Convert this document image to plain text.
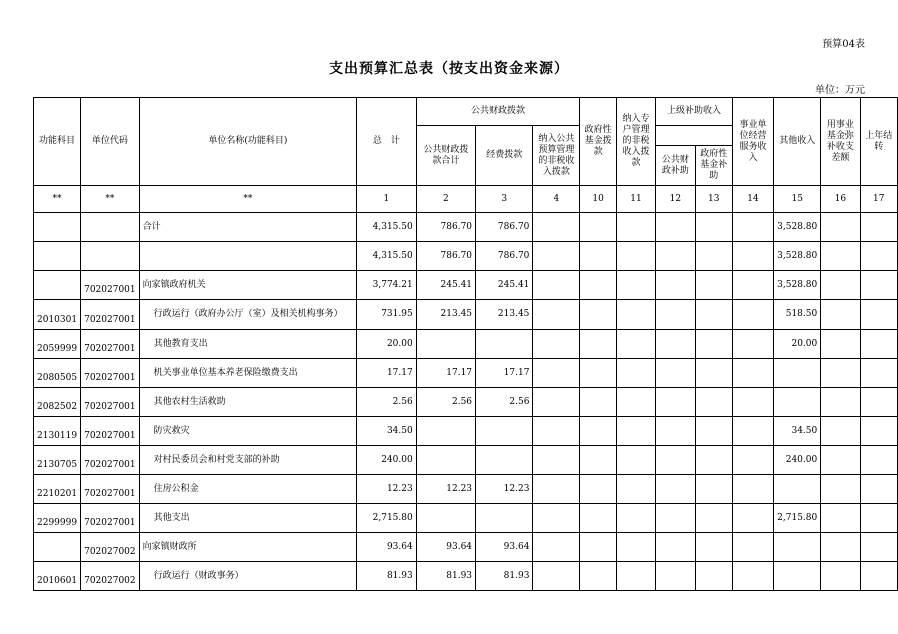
预算04表
支出预算汇总表（按支出资金来源）
单位：万元
功能科目	单位代码	单位名称(功能科目)	总　计	公共财政拨款			政府性基金拨款	纳入专户管理的非税收入拨款	上级补助收入		事业单位经营服务收入	其他收入	用事业基金弥补收支差额	上年结转
				公共财政拨款合计	经费拨款	纳入公共预算管理的非税收入拨款								
									公共财政补助	政府性基金补助				
**	**	**	1	2	3	4	10	11	12	13	14	15	16	17
		合计	4,315.50	786.70	786.70							3,528.80		
			4,315.50	786.70	786.70							3,528.80		
	702027001	向家镇政府机关	3,774.21	245.41	245.41							3,528.80		
2010301	702027001	行政运行（政府办公厅（室）及相关机构事务）	731.95	213.45	213.45							518.50		
2059999	702027001	其他教育支出	20.00									20.00		
2080505	702027001	机关事业单位基本养老保险缴费支出	17.17	17.17	17.17									
2082502	702027001	其他农村生活救助	2.56	2.56	2.56									
2130119	702027001	防灾救灾	34.50									34.50		
2130705	702027001	对村民委员会和村党支部的补助	240.00									240.00		
2210201	702027001	住房公积金	12.23	12.23	12.23									
2299999	702027001	其他支出	2,715.80									2,715.80		
	702027002	向家镇财政所	93.64	93.64	93.64									
2010601	702027002	行政运行（财政事务）	81.93	81.93	81.93									
